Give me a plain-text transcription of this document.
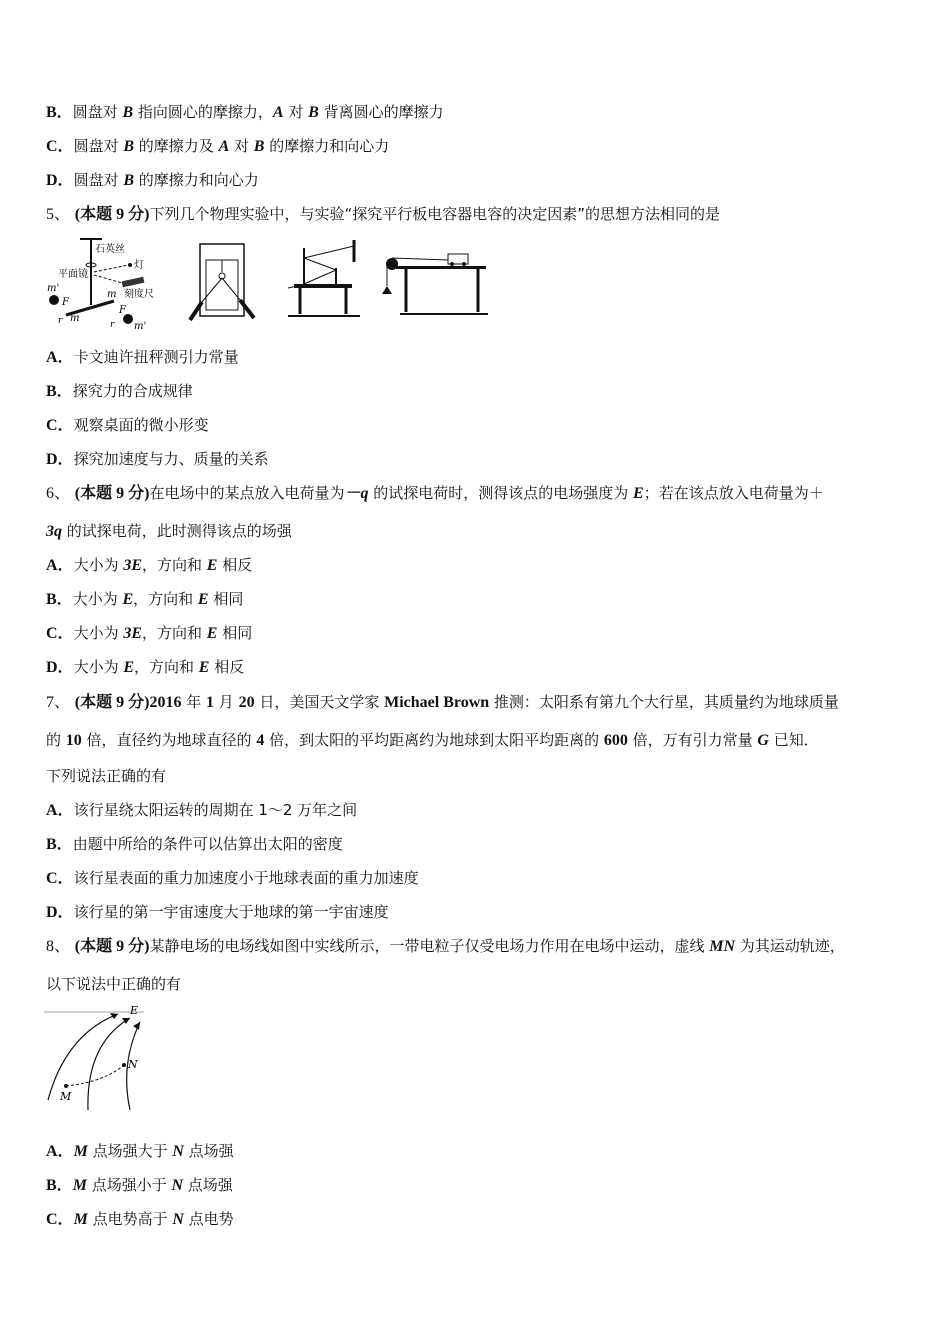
B．圆盘对 B 指向圆心的摩擦力，A 对 B 背离圆心的摩擦力
C．圆盘对 B 的摩擦力及 A 对 B 的摩擦力和向心力
D．圆盘对 B 的摩擦力和向心力
5、 (本题 9 分)下列几个物理实验中，与实验“探究平行板电容器电容的决定因素”的思想方法相同的是
石英丝
灯
平面镜
刻度尺
m'
F
m
m
F
m'
r
r
A．卡文迪许扭秤测引力常量
B．探究力的合成规律
C．观察桌面的微小形变
D．探究加速度与力、质量的关系
6、 (本题 9 分)在电场中的某点放入电荷量为－q 的试探电荷时，测得该点的电场强度为 E；若在该点放入电荷量为＋
3q 的试探电荷，此时测得该点的场强
A．大小为 3E，方向和 E 相反
B．大小为 E，方向和 E 相同
C．大小为 3E，方向和 E 相同
D．大小为 E，方向和 E 相反
7、 (本题 9 分)2016 年 1 月 20 日，美国天文学家 Michael Brown 推测：太阳系有第九个大行星，其质量约为地球质量
的 10 倍，直径约为地球直径的 4 倍，到太阳的平均距离约为地球到太阳平均距离的 600 倍，万有引力常量 G 已知．
下列说法正确的有
A．该行星绕太阳运转的周期在 1～2 万年之间
B．由题中所给的条件可以估算出太阳的密度
C．该行星表面的重力加速度小于地球表面的重力加速度
D．该行星的第一宇宙速度大于地球的第一宇宙速度
8、 (本题 9 分)某静电场的电场线如图中实线所示，一带电粒子仅受电场力作用在电场中运动，虚线 MN 为其运动轨迹，
以下说法中正确的有
E
N
M
A．M 点场强大于 N 点场强
B．M 点场强小于 N 点场强
C．M 点电势高于 N 点电势
